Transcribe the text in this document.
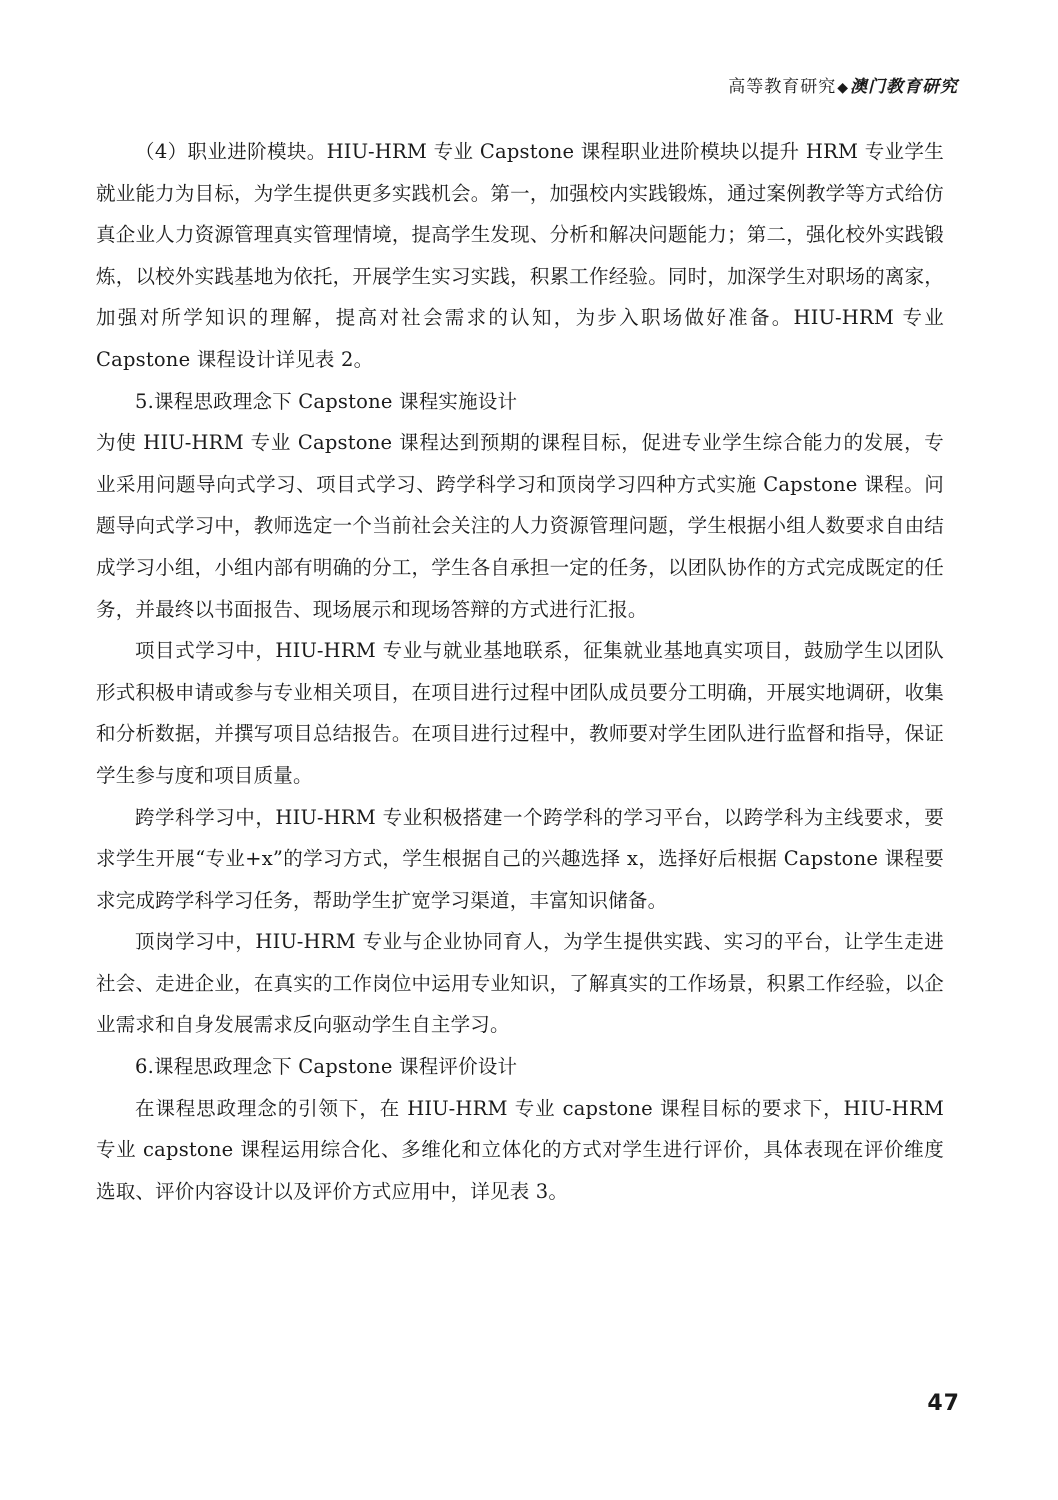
高等教育研究◆澳门教育研究

（4）职业进阶模块。HIU-HRM 专业 Capstone 课程职业进阶模块以提升 HRM 专业学生就业能力为目标，为学生提供更多实践机会。第一，加强校内实践锻炼，通过案例教学等方式给仿真企业人力资源管理真实管理情境，提高学生发现、分析和解决问题能力；第二，强化校外实践锻炼，以校外实践基地为依托，开展学生实习实践，积累工作经验。同时，加深学生对职场的离家，加强对所学知识的理解，提高对社会需求的认知，为步入职场做好准备。HIU-HRM 专业 Capstone 课程设计详见表 2。

5.课程思政理念下 Capstone 课程实施设计

为使 HIU-HRM 专业 Capstone 课程达到预期的课程目标，促进专业学生综合能力的发展，专业采用问题导向式学习、项目式学习、跨学科学习和顶岗学习四种方式实施 Capstone 课程。问题导向式学习中，教师选定一个当前社会关注的人力资源管理问题，学生根据小组人数要求自由结成学习小组，小组内部有明确的分工，学生各自承担一定的任务，以团队协作的方式完成既定的任务，并最终以书面报告、现场展示和现场答辩的方式进行汇报。

项目式学习中，HIU-HRM 专业与就业基地联系，征集就业基地真实项目，鼓励学生以团队形式积极申请或参与专业相关项目，在项目进行过程中团队成员要分工明确，开展实地调研，收集和分析数据，并撰写项目总结报告。在项目进行过程中，教师要对学生团队进行监督和指导，保证学生参与度和项目质量。

跨学科学习中，HIU-HRM 专业积极搭建一个跨学科的学习平台，以跨学科为主线要求，要求学生开展“专业+x”的学习方式，学生根据自己的兴趣选择 x，选择好后根据 Capstone 课程要求完成跨学科学习任务，帮助学生扩宽学习渠道，丰富知识储备。

顶岗学习中，HIU-HRM 专业与企业协同育人，为学生提供实践、实习的平台，让学生走进社会、走进企业，在真实的工作岗位中运用专业知识，了解真实的工作场景，积累工作经验，以企业需求和自身发展需求反向驱动学生自主学习。

6.课程思政理念下 Capstone 课程评价设计

在课程思政理念的引领下，在 HIU-HRM 专业 capstone 课程目标的要求下，HIU-HRM 专业 capstone 课程运用综合化、多维化和立体化的方式对学生进行评价，具体表现在评价维度选取、评价内容设计以及评价方式应用中，详见表 3。

47
